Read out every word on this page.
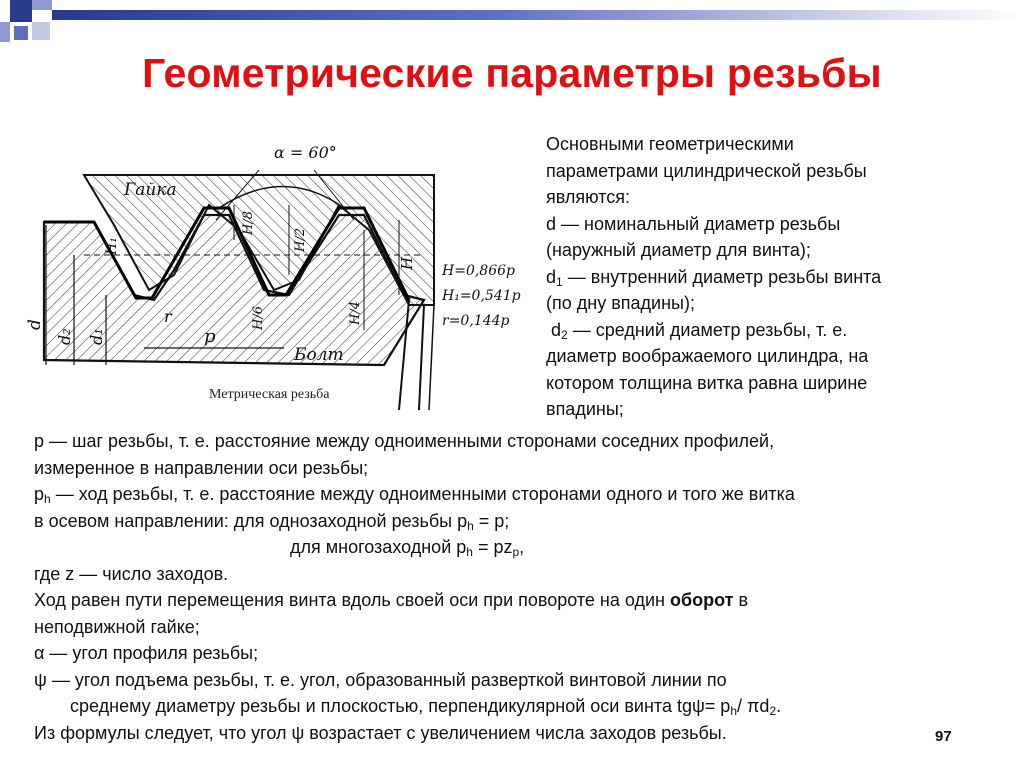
Геометрические параметры резьбы
α = 60°
Гайка
Болт
p
r
H/8
H/2
H/6	H/4
H₁
H
d
d₂ d₁
H=0,866p
H₁=0,541p
r=0,144p
Метрическая резьба
Основными геометрическими
параметрами цилиндрической резьбы
являются:
d — номинальный диаметр резьбы
(наружный диаметр для винта);
$d_1$ — внутренний диаметр резьбы винта
(по дну впадины);
$d_2$ — средний диаметр резьбы, т. е.
диаметр воображаемого цилиндра, на
котором толщина витка равна ширине
впадины;
p — шаг резьбы, т. е. расстояние между одноименными сторонами соседних профилей,
измеренное в направлении оси резьбы;
$p_h$ — ход резьбы, т. е. расстояние между одноименными сторонами одного и того же витка
в осевом направлении: для однозаходной резьбы $p_h = p$;
для многозаходной $p_h = pz_p$,
где z — число заходов.
Ход равен пути перемещения винта вдоль своей оси при повороте на один оборот в
неподвижной гайке;
α — угол профиля резьбы;
ψ — угол подъема резьбы, т. е. угол, образованный разверткой винтовой линии по
среднему диаметру резьбы и плоскостью, перпендикулярной оси винта $tg\psi= p_h/$ $\pi d_2$.
Из формулы следует, что угол ψ возрастает с увеличением числа заходов резьбы.	97
